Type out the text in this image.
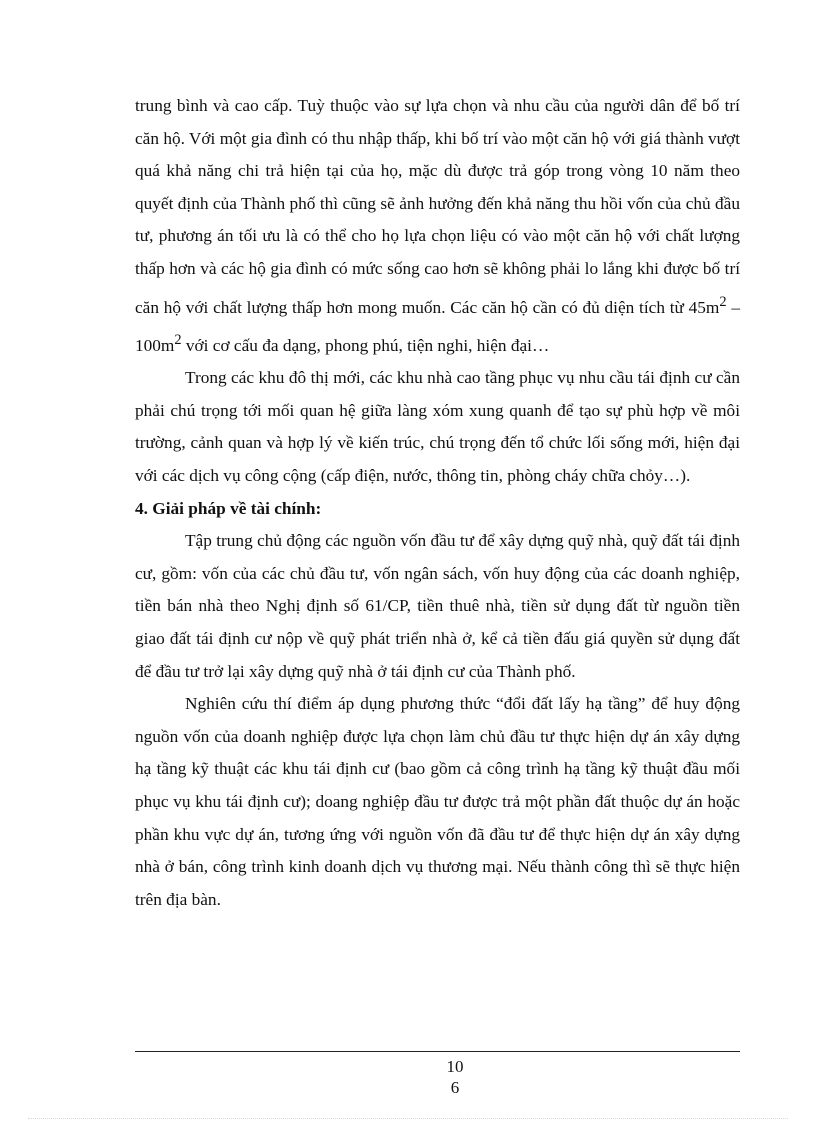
trung bình và cao cấp. Tuỳ thuộc vào sự lựa chọn và nhu cầu của người dân để bố trí căn hộ. Với một gia đình có thu nhập thấp, khi bố trí vào một căn hộ với giá thành vượt quá khả năng chi trả hiện tại của họ, mặc dù được trả góp trong vòng 10 năm theo quyết định của Thành phố thì cũng sẽ ảnh hưởng đến khả năng thu hồi vốn của chủ đầu tư, phương án tối ưu là có thể cho họ lựa chọn liệu có vào một căn hộ với chất lượng thấp hơn và các hộ gia đình có mức sống cao hơn sẽ không phải lo lắng khi được bố trí căn hộ với chất lượng thấp hơn mong muốn. Các căn hộ cần có đủ diện tích từ $45m^2 - 100m^2$ với cơ cấu đa dạng, phong phú, tiện nghi, hiện đại…

Trong các khu đô thị mới, các khu nhà cao tầng phục vụ nhu cầu tái định cư cần phải chú trọng tới mối quan hệ giữa làng xóm xung quanh để tạo sự phù hợp về môi trường, cảnh quan và hợp lý về kiến trúc, chú trọng đến tổ chức lối sống mới, hiện đại với các dịch vụ công cộng (cấp điện, nước, thông tin, phòng cháy chữa chỏy…).

4. Giải pháp về tài chính:

Tập trung chủ động các nguồn vốn đầu tư để xây dựng quỹ nhà, quỹ đất tái định cư, gồm: vốn của các chủ đầu tư, vốn ngân sách, vốn huy động của các doanh nghiệp, tiền bán nhà theo Nghị định số 61/CP, tiền thuê nhà, tiền sử dụng đất từ nguồn tiền giao đất tái định cư nộp về quỹ phát triển nhà ở, kể cả tiền đấu giá quyền sử dụng đất để đầu tư trở lại xây dựng quỹ nhà ở tái định cư của Thành phố.

Nghiên cứu thí điểm áp dụng phương thức “đổi đất lấy hạ tầng” để huy động nguồn vốn của doanh nghiệp được lựa chọn làm chủ đầu tư thực hiện dự án xây dựng hạ tầng kỹ thuật các khu tái định cư (bao gồm cả công trình hạ tầng kỹ thuật đầu mối phục vụ khu tái định cư); doang nghiệp đầu tư được trả một phần đất thuộc dự án hoặc phần khu vực dự án, tương ứng với nguồn vốn đã đầu tư để thực hiện dự án xây dựng nhà ở bán, công trình kinh doanh dịch vụ thương mại. Nếu thành công thì sẽ thực hiện trên địa bàn.

10
6
